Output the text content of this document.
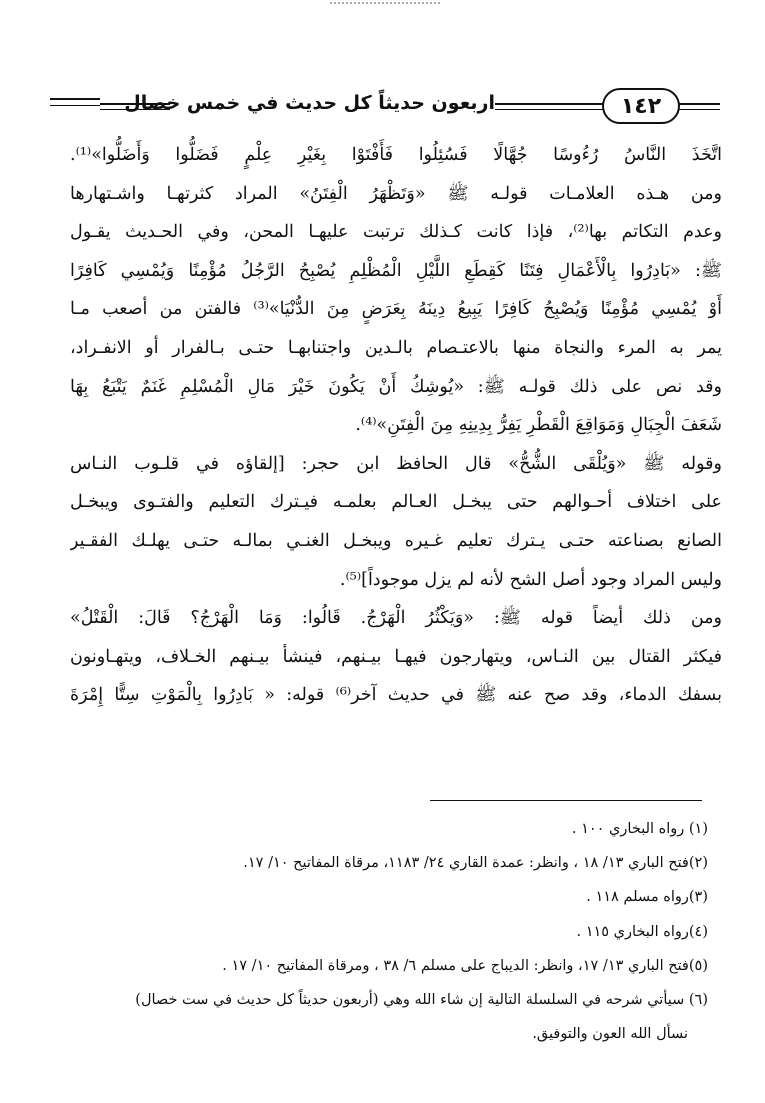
اربعون حديثاً كل حديث في خمس خصال	١٤٢
اتَّخَذَ النَّاسُ رُءُوسًا جُهَّالًا فَسُئِلُوا فَأَفْتَوْا بِغَيْرِ عِلْمٍ فَضَلُّوا وَأَضَلُّوا»⁽¹⁾.
ومن هـذه العلامـات قولـه ﷺ «وَتَظْهَرُ الْفِتَنُ» المراد كثرتهـا واشـتهارها
وعدم التكاتم بها⁽²⁾، فإذا كانت كـذلك ترتبت عليهـا المحن، وفي الحـديث يقـول
ﷺ: «بَادِرُوا بِالْأَعْمَالِ فِتَنًا كَقِطَعِ اللَّيْلِ الْمُظْلِمِ يُصْبِحُ الرَّجُلُ مُؤْمِنًا وَيُمْسِي كَافِرًا
أَوْ يُمْسِي مُؤْمِنًا وَيُصْبِحُ كَافِرًا يَبِيعُ دِينَهُ بِعَرَضٍ مِنَ الدُّنْيَا»⁽³⁾ فالفتن من أصعب مـا
يمر به المرء والنجاة منها بالاعتـصام بالـدين واجتنابهـا حتـى بـالفرار أو الانفـراد،
وقد نص على ذلك قولـه ﷺ: «يُوشِكُ أَنْ يَكُونَ خَيْرَ مَالِ الْمُسْلِمِ غَنَمٌ يَتْبَعُ بِهَا
شَعَفَ الْجِبَالِ وَمَوَاقِعَ الْقَطْرِ يَفِرُّ بِدِينِهِ مِنَ الْفِتَنِ»⁽⁴⁾.
وقوله ﷺ «وَيُلْقَى الشُّحُّ» قال الحافظ ابن حجر: [إلقاؤه في قلـوب النـاس
على اختلاف أحـوالهم حتى يبخـل العـالم بعلمـه فيـترك التعليم والفتـوى ويبخـل
الصانع بصناعته حتـى يـترك تعليم غـيره ويبخـل الغنـي بمالـه حتـى يهلـك الفقـير
وليس المراد وجود أصل الشح لأنه لم يزل موجوداً]⁽⁵⁾.
ومن ذلك أيضاً قوله ﷺ: «وَيَكْثُرُ الْهَرْجُ. قَالُوا: وَمَا الْهَرْجُ؟ قَالَ: الْقَتْلُ»
فيكثر القتال بين النـاس، ويتهارجون فيهـا بيـنهم، فينشأ بيـنهم الخـلاف، ويتهـاونون
بسفك الدماء، وقد صح عنه ﷺ في حديث آخر⁽⁶⁾ قوله: « بَادِرُوا بِالْمَوْتِ سِتًّا إِمْرَةَ
(١) رواه البخاري ١٠٠ .
(٢)فتح الباري ١٣/ ١٨ ، وانظر: عمدة القاري ٢٤/ ١١٨٣، مرقاة المفاتيح ١٠/ ١٧.
(٣)رواه مسلم ١١٨ .
(٤)رواه البخاري ١١٥ .
(٥)فتح الباري ١٣/ ١٧، وانظر: الديباج على مسلم ٦/ ٣٨ ، ومرقاة المفاتيح ١٠/ ١٧ .
(٦) سيأتي شرحه في السلسلة التالية إن شاء الله وهي (أربعون حديثاً كل حديث في ست خصال)
نسأل الله العون والتوفيق.
